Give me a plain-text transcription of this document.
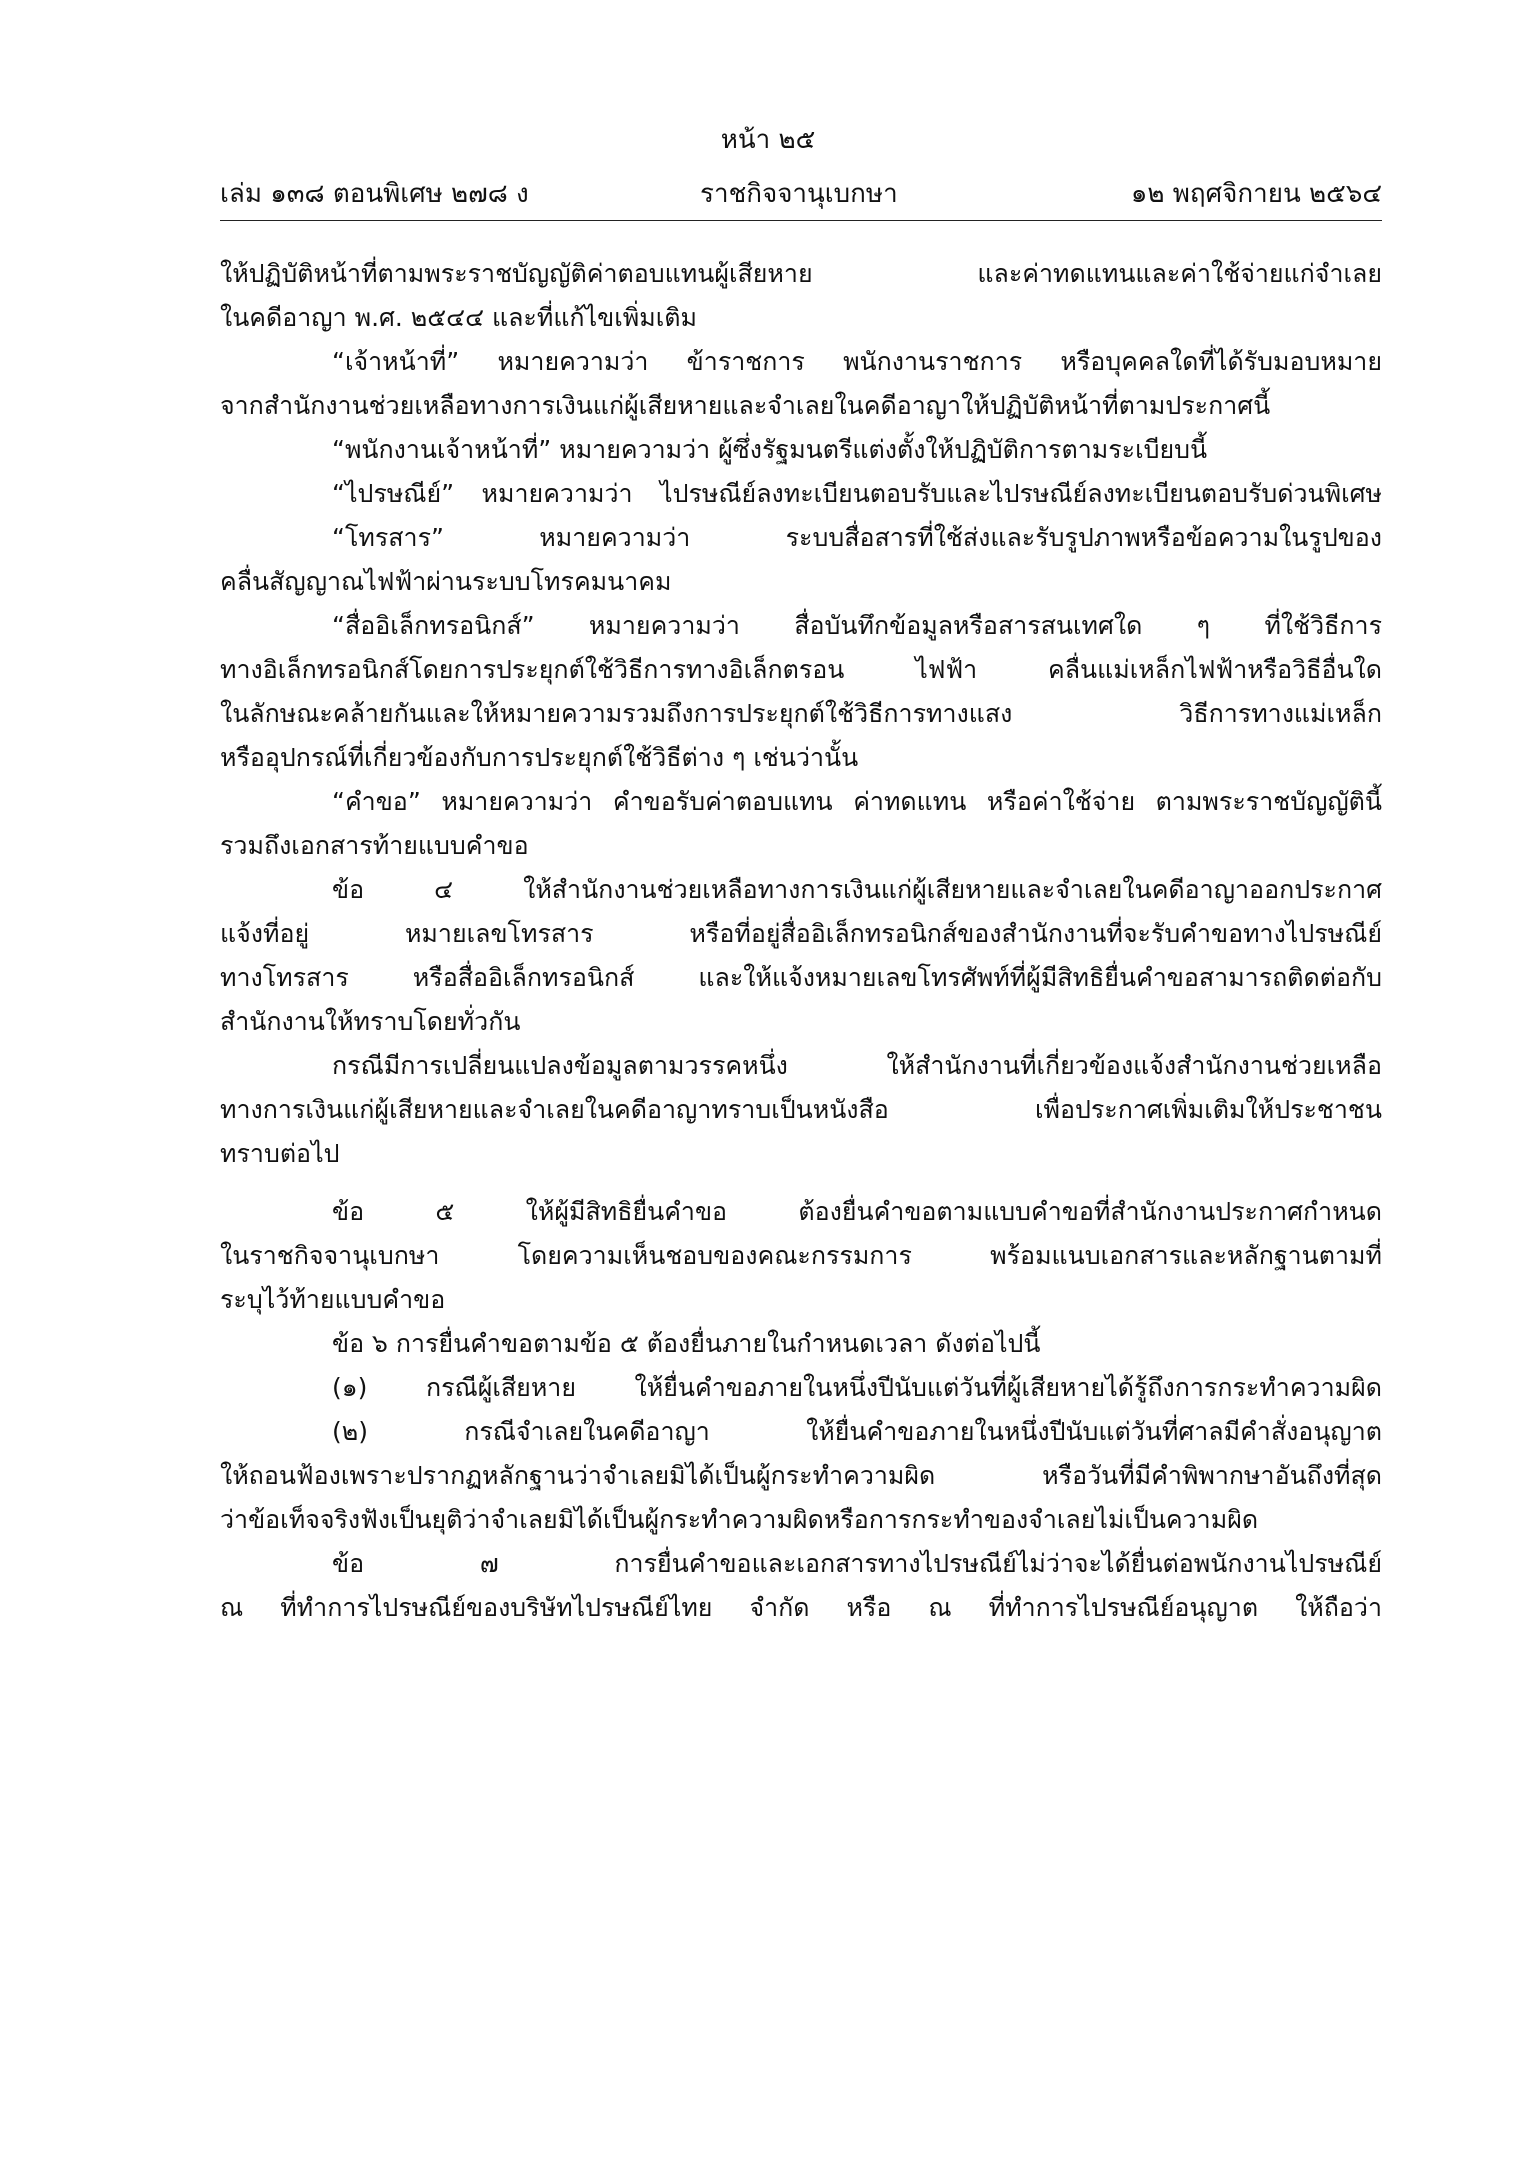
หน้า ๒๕
เล่ม ๑๓๘ ตอนพิเศษ ๒๗๘ ง	ราชกิจจานุเบกษา	๑๒ พฤศจิกายน ๒๕๖๔
ให้ปฏิบัติหน้าที่ตามพระราชบัญญัติค่าตอบแทนผู้เสียหาย และค่าทดแทนและค่าใช้จ่ายแก่จำเลย
ในคดีอาญา พ.ศ. ๒๕๔๔ และที่แก้ไขเพิ่มเติม
“เจ้าหน้าที่” หมายความว่า ข้าราชการ พนักงานราชการ หรือบุคคลใดที่ได้รับมอบหมาย
จากสำนักงานช่วยเหลือทางการเงินแก่ผู้เสียหายและจำเลยในคดีอาญาให้ปฏิบัติหน้าที่ตามประกาศนี้
“พนักงานเจ้าหน้าที่” หมายความว่า ผู้ซึ่งรัฐมนตรีแต่งตั้งให้ปฏิบัติการตามระเบียบนี้
“ไปรษณีย์” หมายความว่า ไปรษณีย์ลงทะเบียนตอบรับและไปรษณีย์ลงทะเบียนตอบรับด่วนพิเศษ
“โทรสาร” หมายความว่า ระบบสื่อสารที่ใช้ส่งและรับรูปภาพหรือข้อความในรูปของ
คลื่นสัญญาณไฟฟ้าผ่านระบบโทรคมนาคม
“สื่ออิเล็กทรอนิกส์” หมายความว่า สื่อบันทึกข้อมูลหรือสารสนเทศใด ๆ ที่ใช้วิธีการ
ทางอิเล็กทรอนิกส์โดยการประยุกต์ใช้วิธีการทางอิเล็กตรอน ไฟฟ้า คลื่นแม่เหล็กไฟฟ้าหรือวิธีอื่นใด
ในลักษณะคล้ายกันและให้หมายความรวมถึงการประยุกต์ใช้วิธีการทางแสง วิธีการทางแม่เหล็ก
หรืออุปกรณ์ที่เกี่ยวข้องกับการประยุกต์ใช้วิธีต่าง ๆ เช่นว่านั้น
“คำขอ” หมายความว่า คำขอรับค่าตอบแทน ค่าทดแทน หรือค่าใช้จ่าย ตามพระราชบัญญัตินี้
รวมถึงเอกสารท้ายแบบคำขอ
ข้อ ๔ ให้สำนักงานช่วยเหลือทางการเงินแก่ผู้เสียหายและจำเลยในคดีอาญาออกประกาศ
แจ้งที่อยู่ หมายเลขโทรสาร หรือที่อยู่สื่ออิเล็กทรอนิกส์ของสำนักงานที่จะรับคำขอทางไปรษณีย์
ทางโทรสาร หรือสื่ออิเล็กทรอนิกส์ และให้แจ้งหมายเลขโทรศัพท์ที่ผู้มีสิทธิยื่นคำขอสามารถติดต่อกับ
สำนักงานให้ทราบโดยทั่วกัน
กรณีมีการเปลี่ยนแปลงข้อมูลตามวรรคหนึ่ง ให้สำนักงานที่เกี่ยวข้องแจ้งสำนักงานช่วยเหลือ
ทางการเงินแก่ผู้เสียหายและจำเลยในคดีอาญาทราบเป็นหนังสือ เพื่อประกาศเพิ่มเติมให้ประชาชน
ทราบต่อไป
ข้อ ๕ ให้ผู้มีสิทธิยื่นคำขอ ต้องยื่นคำขอตามแบบคำขอที่สำนักงานประกาศกำหนด
ในราชกิจจานุเบกษา โดยความเห็นชอบของคณะกรรมการ พร้อมแนบเอกสารและหลักฐานตามที่
ระบุไว้ท้ายแบบคำขอ
ข้อ ๖ การยื่นคำขอตามข้อ ๕ ต้องยื่นภายในกำหนดเวลา ดังต่อไปนี้
(๑) กรณีผู้เสียหาย ให้ยื่นคำขอภายในหนึ่งปีนับแต่วันที่ผู้เสียหายได้รู้ถึงการกระทำความผิด
(๒) กรณีจำเลยในคดีอาญา ให้ยื่นคำขอภายในหนึ่งปีนับแต่วันที่ศาลมีคำสั่งอนุญาต
ให้ถอนฟ้องเพราะปรากฏหลักฐานว่าจำเลยมิได้เป็นผู้กระทำความผิด หรือวันที่มีคำพิพากษาอันถึงที่สุด
ว่าข้อเท็จจริงฟังเป็นยุติว่าจำเลยมิได้เป็นผู้กระทำความผิดหรือการกระทำของจำเลยไม่เป็นความผิด
ข้อ ๗ การยื่นคำขอและเอกสารทางไปรษณีย์ไม่ว่าจะได้ยื่นต่อพนักงานไปรษณีย์
ณ ที่ทำการไปรษณีย์ของบริษัทไปรษณีย์ไทย จำกัด หรือ ณ ที่ทำการไปรษณีย์อนุญาต ให้ถือว่า
